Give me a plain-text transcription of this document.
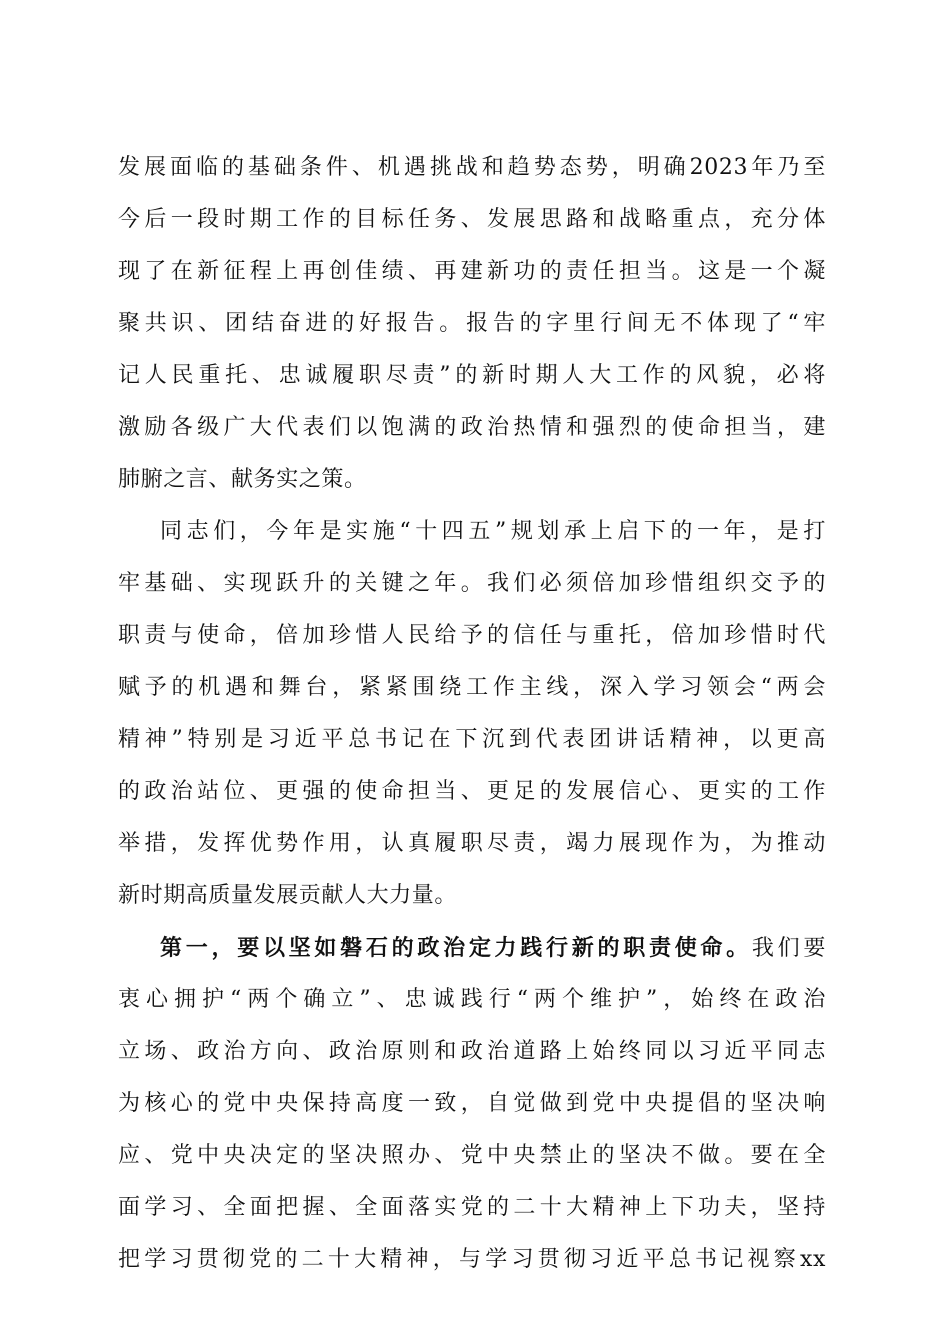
发展面临的基础条件、机遇挑战和趋势态势，明确2023年乃至
今后一段时期工作的目标任务、发展思路和战略重点，充分体
现了在新征程上再创佳绩、再建新功的责任担当。这是一个凝
聚共识、团结奋进的好报告。报告的字里行间无不体现了“牢
记人民重托、忠诚履职尽责”的新时期人大工作的风貌，必将
激励各级广大代表们以饱满的政治热情和强烈的使命担当，建
肺腑之言、献务实之策。
同志们，今年是实施“十四五”规划承上启下的一年，是打
牢基础、实现跃升的关键之年。我们必须倍加珍惜组织交予的
职责与使命，倍加珍惜人民给予的信任与重托，倍加珍惜时代
赋予的机遇和舞台，紧紧围绕工作主线，深入学习领会“两会
精神”特别是习近平总书记在下沉到代表团讲话精神，以更高
的政治站位、更强的使命担当、更足的发展信心、更实的工作
举措，发挥优势作用，认真履职尽责，竭力展现作为，为推动
新时期高质量发展贡献人大力量。
第一，要以坚如磐石的政治定力践行新的职责使命。我们要
衷心拥护“两个确立”、忠诚践行“两个维护”，始终在政治
立场、政治方向、政治原则和政治道路上始终同以习近平同志
为核心的党中央保持高度一致，自觉做到党中央提倡的坚决响
应、党中央决定的坚决照办、党中央禁止的坚决不做。要在全
面学习、全面把握、全面落实党的二十大精神上下功夫，坚持
把学习贯彻党的二十大精神，与学习贯彻习近平总书记视察xx
